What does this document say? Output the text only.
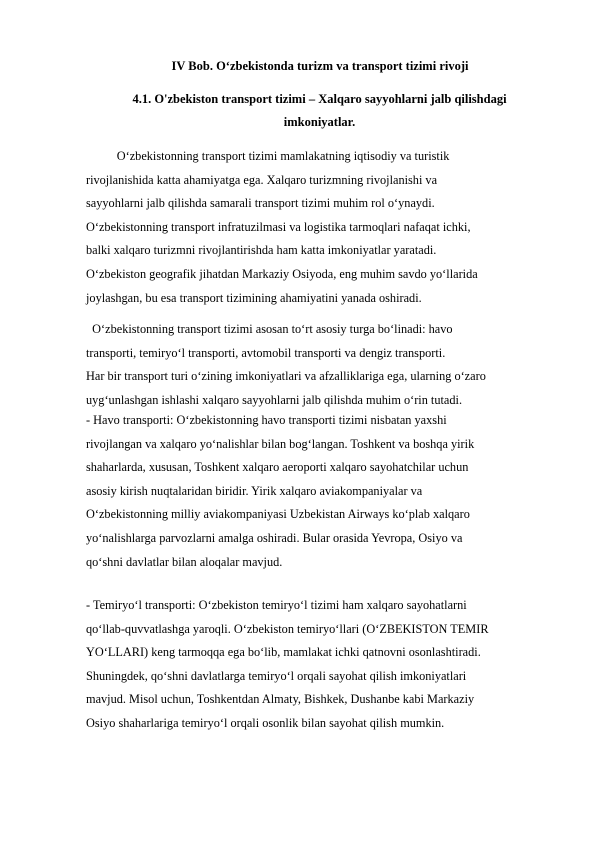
IV Bob. O‘zbekistonda turizm va transport tizimi rivoji
4.1. O'zbekiston transport tizimi – Xalqaro sayyohlarni jalb qilishdagi imkoniyatlar.
O‘zbekistonning transport tizimi mamlakatning iqtisodiy va turistik
rivojlanishida katta ahamiyatga ega. Xalqaro turizmning rivojlanishi va
sayyohlarni jalb qilishda samarali transport tizimi muhim rol o‘ynaydi.
O‘zbekistonning transport infratuzilmasi va logistika tarmoqlari nafaqat ichki,
balki xalqaro turizmni rivojlantirishda ham katta imkoniyatlar yaratadi.
O‘zbekiston geografik jihatdan Markaziy Osiyoda, eng muhim savdo yo‘llarida
joylashgan, bu esa transport tizimining ahamiyatini yanada oshiradi.
O‘zbekistonning transport tizimi asosan to‘rt asosiy turga bo‘linadi: havo
transporti, temiryo‘l transporti, avtomobil transporti va dengiz transporti.
Har bir transport turi o‘zining imkoniyatlari va afzalliklariga ega, ularning o‘zaro
uyg‘unlashgan ishlashi xalqaro sayyohlarni jalb qilishda muhim o‘rin tutadi.
- Havo transporti: O‘zbekistonning havo transporti tizimi nisbatan yaxshi
rivojlangan va xalqaro yo‘nalishlar bilan bog‘langan. Toshkent va boshqa yirik
shaharlarda, xususan, Toshkent xalqaro aeroporti xalqaro sayohatchilar uchun
asosiy kirish nuqtalaridan biridir. Yirik xalqaro aviakompaniyalar va
O‘zbekistonning milliy aviakompaniyasi Uzbekistan Airways ko‘plab xalqaro
yo‘nalishlarga parvozlarni amalga oshiradi. Bular orasida Yevropa, Osiyo va
qo‘shni davlatlar bilan aloqalar mavjud.
- Temiryo‘l transporti: O‘zbekiston temiryo‘l tizimi ham xalqaro sayohatlarni
qo‘llab-quvvatlashga yaroqli. O‘zbekiston temiryo‘llari (O‘ZBEKISTON TEMIR
YO‘LLARI) keng tarmoqqa ega bo‘lib, mamlakat ichki qatnovni osonlashtiradi.
Shuningdek, qo‘shni davlatlarga temiryo‘l orqali sayohat qilish imkoniyatlari
mavjud. Misol uchun, Toshkentdan Almaty, Bishkek, Dushanbe kabi Markaziy
Osiyo shaharlariga temiryo‘l orqali osonlik bilan sayohat qilish mumkin.
